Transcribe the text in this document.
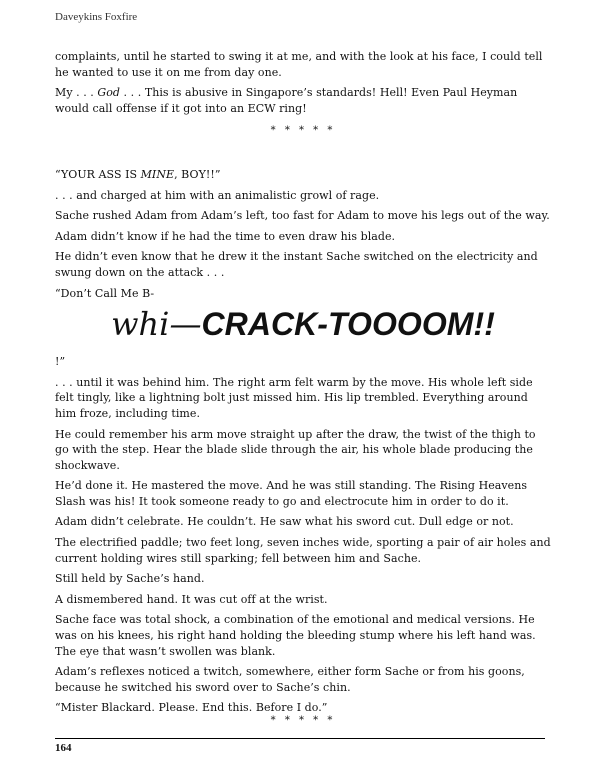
Daveykins Foxfire

complaints, until he started to swing it at me, and with the look at his face, I could tell he wanted to use it on me from day one.

My . . . God . . . This is abusive in Singapore’s standards! Hell! Even Paul Heyman would call offense if it got into an ECW ring!

* * * * *

“YOUR ASS IS MINE, BOY!!”

. . . and charged at him with an animalistic growl of rage.

Sache rushed Adam from Adam’s left, too fast for Adam to move his legs out of the way.

Adam didn’t know if he had the time to even draw his blade.

He didn’t even know that he drew it the instant Sache switched on the electricity and swung down on the attack . . .

“Don’t Call Me B-

whi—CRACK-TOOOOM!!

!”

. . . until it was behind him. The right arm felt warm by the move. His whole left side felt tingly, like a lightning bolt just missed him. His lip trembled. Everything around him froze, including time.

He could remember his arm move straight up after the draw, the twist of the thigh to go with the step. Hear the blade slide through the air, his whole blade producing the shockwave.

He’d done it. He mastered the move. And he was still standing. The Rising Heavens Slash was his! It took someone ready to go and electrocute him in order to do it.

Adam didn’t celebrate. He couldn’t. He saw what his sword cut. Dull edge or not.

The electrified paddle; two feet long, seven inches wide, sporting a pair of air holes and current holding wires still sparking; fell between him and Sache.

Still held by Sache’s hand.

A dismembered hand. It was cut off at the wrist.

Sache face was total shock, a combination of the emotional and medical versions. He was on his knees, his right hand holding the bleeding stump where his left hand was. The eye that wasn’t swollen was blank.

Adam’s reflexes noticed a twitch, somewhere, either form Sache or from his goons, because he switched his sword over to Sache’s chin.

“Mister Blackard. Please. End this. Before I do.”

* * * * *

164
